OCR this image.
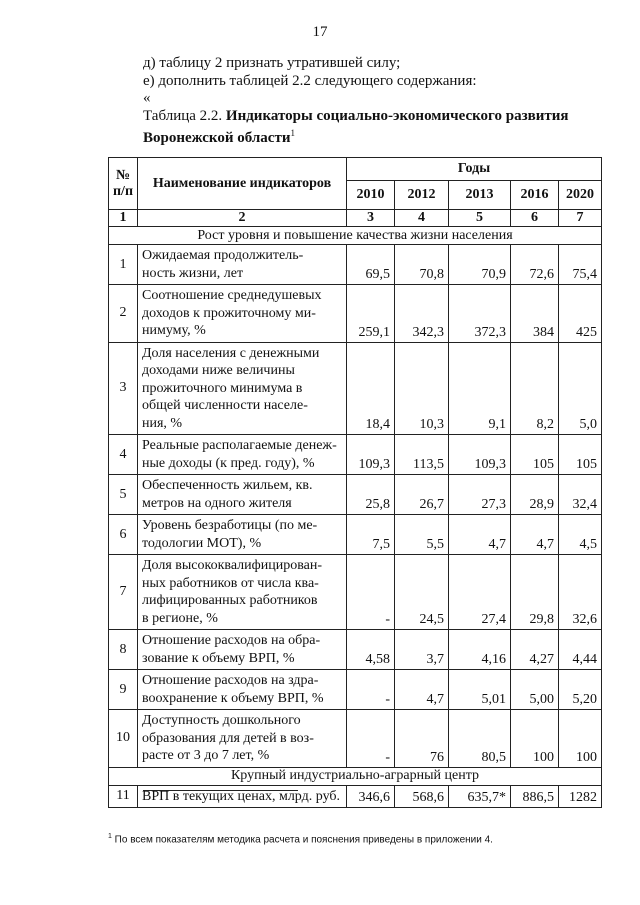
17

д) таблицу 2 признать утратившей силу;

е) дополнить таблицей 2.2 следующего содержания:

«

Таблица 2.2. Индикаторы социально-экономического развития Воронежской области$^1$

№ п/п	Наименование индикаторов	Годы				
		2010	2012	2013	2016	2020
1	2	3	4	5	6	7
Рост уровня и повышение качества жизни населения						
1	Ожидаемая продолжитель-
ность жизни, лет	69,5	70,8	70,9	72,6	75,4
2	Соотношение среднедушевых
доходов к прожиточному ми-
нимуму, %	259,1	342,3	372,3	384	425
3	Доля населения с денежными
доходами ниже величины
прожиточного минимума в
общей численности населе-
ния, %	18,4	10,3	9,1	8,2	5,0
4	Реальные располагаемые денеж-
ные доходы (к пред. году), %	109,3	113,5	109,3	105	105
5	Обеспеченность жильем, кв.
метров на одного жителя	25,8	26,7	27,3	28,9	32,4
6	Уровень безработицы (по ме-
тодологии МОТ), %	7,5	5,5	4,7	4,7	4,5
7	Доля высококвалифицирован-
ных работников от числа ква-
лифицированных работников
в регионе, %	-	24,5	27,4	29,8	32,6
8	Отношение расходов на обра-
зование к объему ВРП, %	4,58	3,7	4,16	4,27	4,44
9	Отношение расходов на здра-
воохранение к объему ВРП, %	-	4,7	5,01	5,00	5,20
10	Доступность дошкольного
образования для детей в воз-
расте от 3 до 7 лет, %	-	76	80,5	100	100
Крупный индустриально-аграрный центр						
11	ВРП в текущих ценах, млрд. руб.	346,6	568,6	635,7*	886,5	1282
$^1$ По всем показателям методика расчета и пояснения приведены в приложении 4.
